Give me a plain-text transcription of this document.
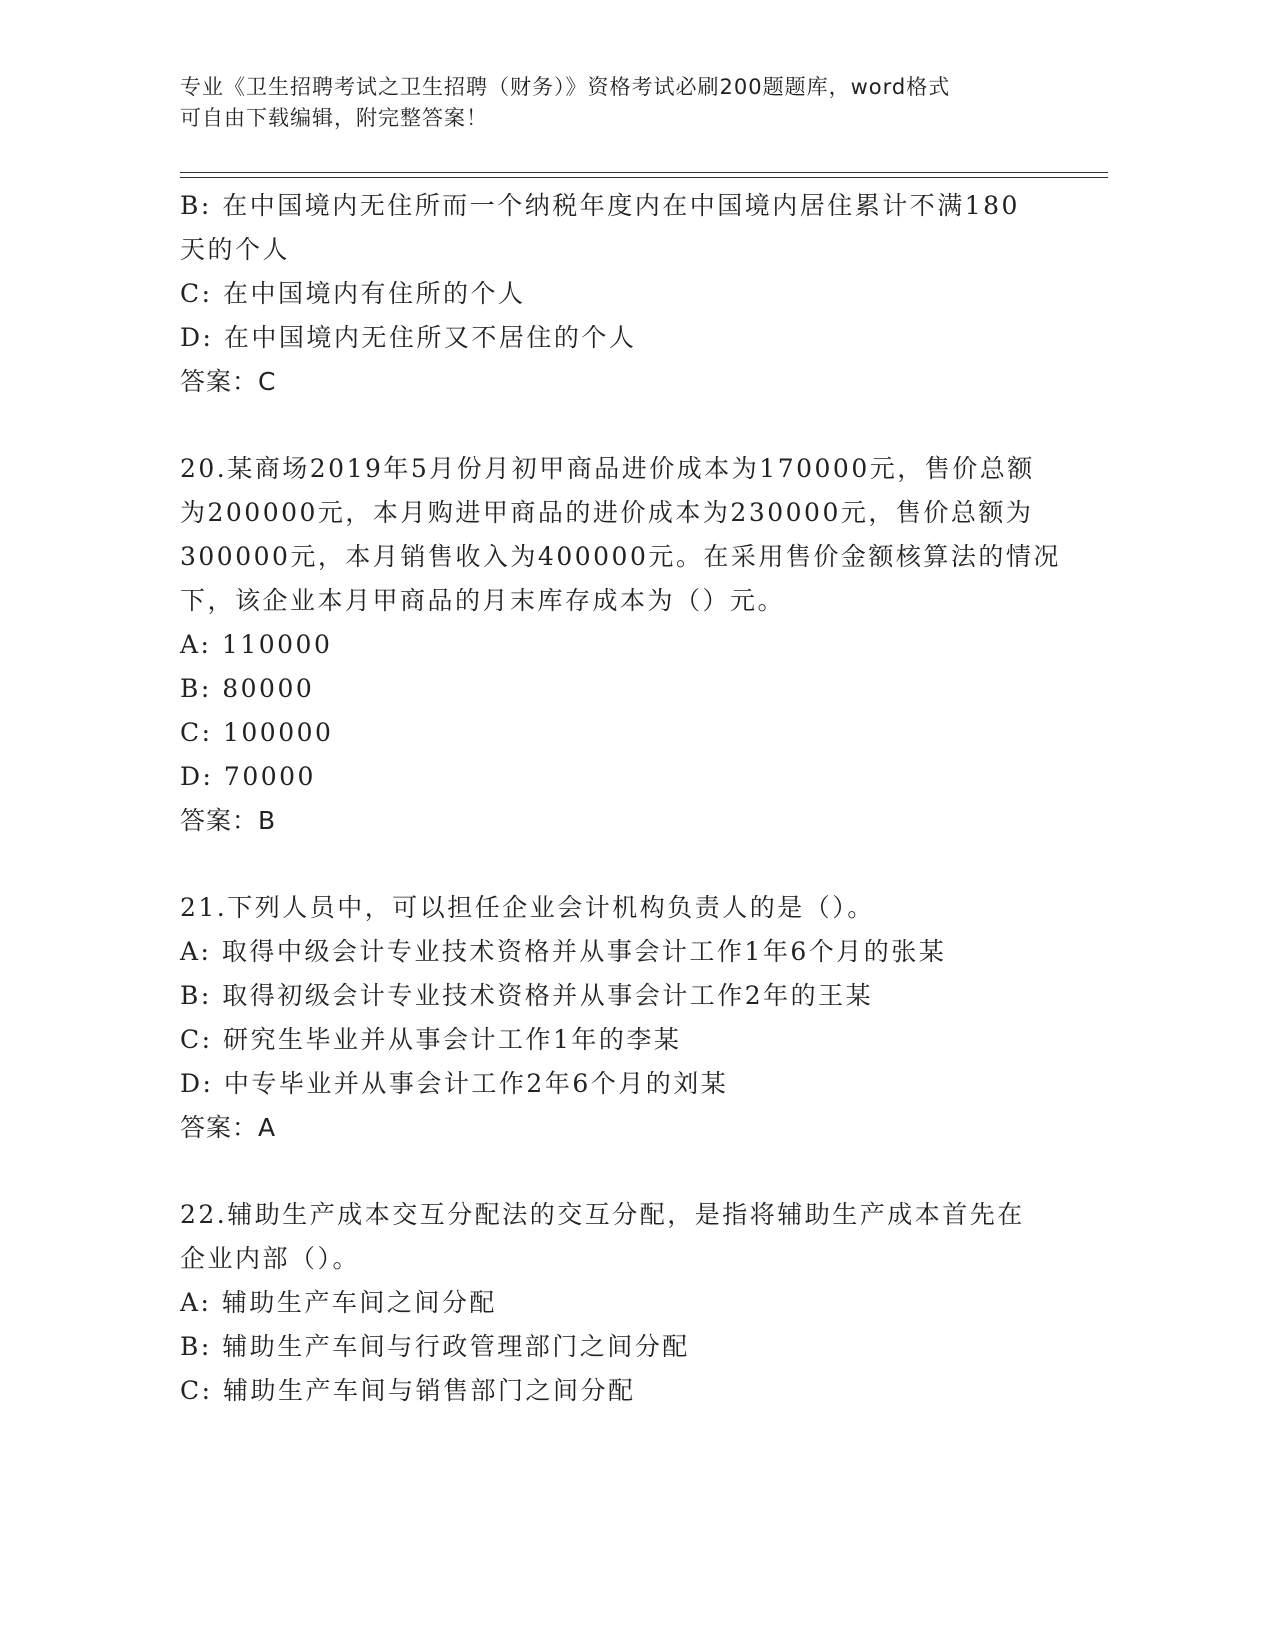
专业《卫生招聘考试之卫生招聘（财务）》资格考试必刷200题题库，word格式
可自由下载编辑，附完整答案！
B: 在中国境内无住所而一个纳税年度内在中国境内居住累计不满180
天的个人
C: 在中国境内有住所的个人
D: 在中国境内无住所又不居住的个人
答案：C
20.某商场2019年5月份月初甲商品进价成本为170000元，售价总额
为200000元，本月购进甲商品的进价成本为230000元，售价总额为
300000元，本月销售收入为400000元。在采用售价金额核算法的情况
下，该企业本月甲商品的月末库存成本为（）元。
A: 110000
B: 80000
C: 100000
D: 70000
答案：B
21.下列人员中，可以担任企业会计机构负责人的是（）。
A: 取得中级会计专业技术资格并从事会计工作1年6个月的张某
B: 取得初级会计专业技术资格并从事会计工作2年的王某
C: 研究生毕业并从事会计工作1年的李某
D: 中专毕业并从事会计工作2年6个月的刘某
答案：A
22.辅助生产成本交互分配法的交互分配，是指将辅助生产成本首先在
企业内部（）。
A: 辅助生产车间之间分配
B: 辅助生产车间与行政管理部门之间分配
C: 辅助生产车间与销售部门之间分配
